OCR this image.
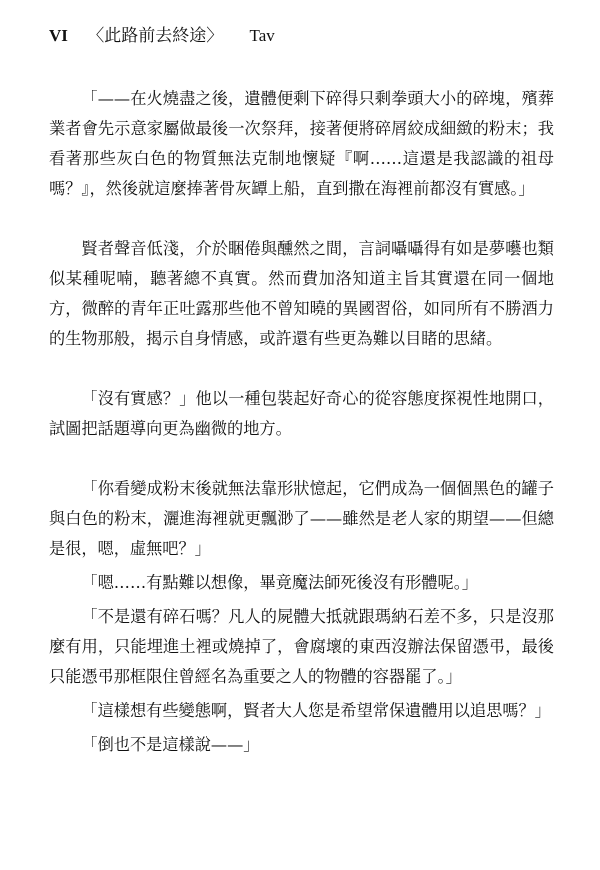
VI 〈此路前去終途〉 Tav

「——在火燒盡之後，遺體便剩下碎得只剩拳頭大小的碎塊，殯葬業者會先示意家屬做最後一次祭拜，接著便將碎屑絞成細緻的粉末；我看著那些灰白色的物質無法克制地懷疑『啊……這還是我認識的祖母嗎？』，然後就這麼捧著骨灰罈上船，直到撒在海裡前都沒有實感。」

賢者聲音低淺，介於睏倦與醺然之間，言詞囁囁得有如是夢囈也類似某種呢喃，聽著總不真實。然而費加洛知道主旨其實還在同一個地方，微醉的青年正吐露那些他不曾知曉的異國習俗，如同所有不勝酒力的生物那般，揭示自身情感，或許還有些更為難以目睹的思緒。

「沒有實感？」他以一種包裝起好奇心的從容態度探視性地開口，試圖把話題導向更為幽微的地方。

「你看變成粉末後就無法靠形狀憶起，它們成為一個個黑色的罐子與白色的粉末，灑進海裡就更飄渺了——雖然是老人家的期望——但總是很，嗯，虛無吧？」

「嗯……有點難以想像，畢竟魔法師死後沒有形體呢。」

「不是還有碎石嗎？凡人的屍體大抵就跟瑪納石差不多，只是沒那麼有用，只能埋進土裡或燒掉了，會腐壞的東西沒辦法保留憑弔，最後只能憑弔那框限住曾經名為重要之人的物體的容器罷了。」

「這樣想有些變態啊，賢者大人您是希望常保遺體用以追思嗎？」

「倒也不是這樣說——」
